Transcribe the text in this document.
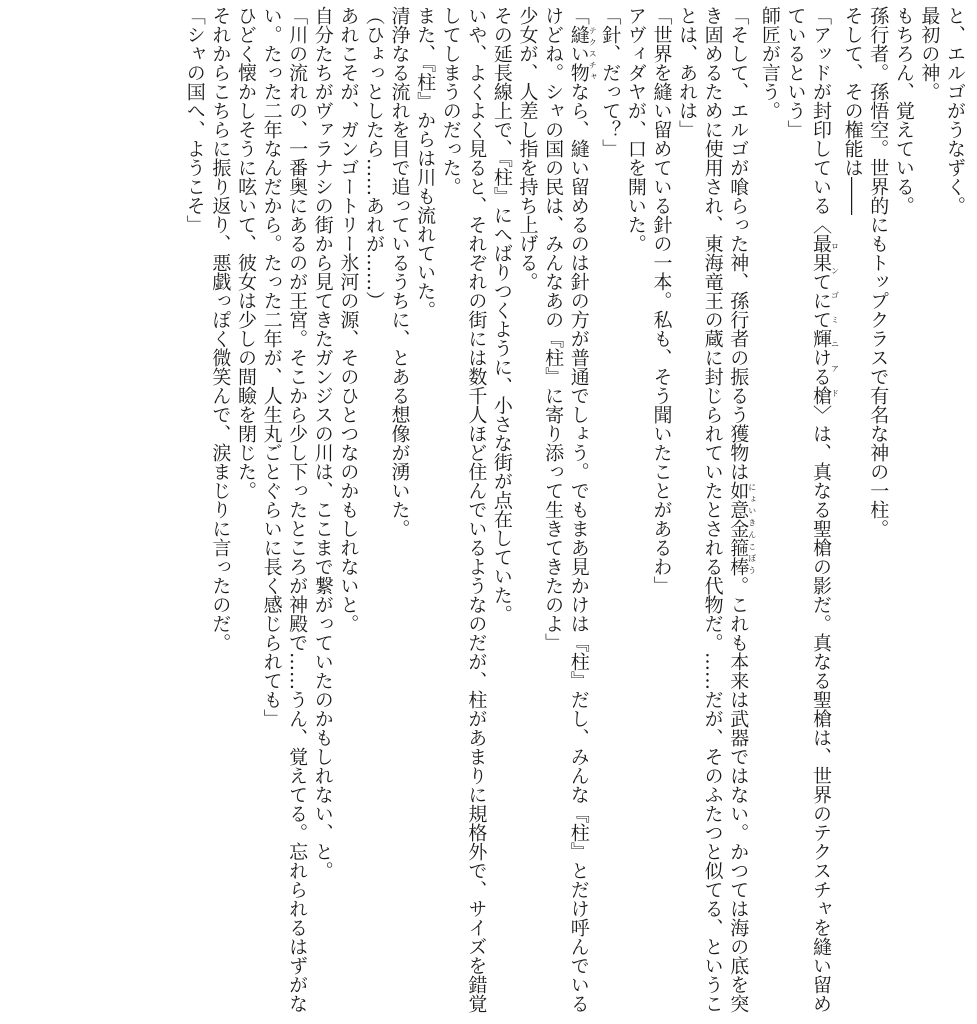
と、エルゴがうなずく。

最初の神。

もちろん、覚えている。

孫行者。孫悟空。世界的にもトップクラスで有名な神の一柱。

そして、その権能は――

「アッドが封印している〈最果てにて輝ける槍ロンゴミニアド〉は、真なる聖槍の影だ。真なる聖槍は、世界のテクスチャを縫い留めているという」

師匠が言う。

「そして、エルゴが喰らった神、孫行者の振るう獲物は如意金箍棒にょいきんこぼう。これも本来は武器ではない。かつては海の底を突き固めるために使用され、東海竜王の蔵に封じられていたとされる代物だ。……だが、そのふたつと似てる、ということは、あれは」

「世界を縫い留めている針の一本。私も、そう聞いたことがあるわ」

アヴィダヤが、口を開いた。

「針、だって？」

「縫い物テクスチャなら、縫い留めるのは針の方が普通でしょう。でもまあ見かけは『柱』だし、みんな『柱』とだけ呼んでいるけどね。シャの国の民は、みんなあの『柱』に寄り添って生きてきたのよ」

少女が、人差し指を持ち上げる。

その延長線上で、『柱』にへばりつくように、小さな街が点在していた。

いや、よくよく見ると、それぞれの街には数千人ほど住んでいるようなのだが、柱があまりに規格外で、サイズを錯覚してしまうのだった。

また、『柱』からは川も流れていた。

清浄なる流れを目で追っているうちに、とある想像が湧いた。

（ひょっとしたら……あれが……）

あれこそが、ガンゴートリー氷河の源、そのひとつなのかもしれないと。

自分たちがヴァラナシの街から見てきたガンジスの川は、ここまで繋がっていたのかもしれない、と。

「川の流れの、一番奥にあるのが王宮。そこから少し下ったところが神殿で……うん、覚えてる。忘れられるはずがない。たった二年なんだから。たった二年が、人生丸ごとぐらいに長く感じられても」

ひどく懐かしそうに呟いて、彼女は少しの間瞼を閉じた。

それからこちらに振り返り、悪戯っぽく微笑んで、涙まじりに言ったのだ。

「シャの国へ、ようこそ」
